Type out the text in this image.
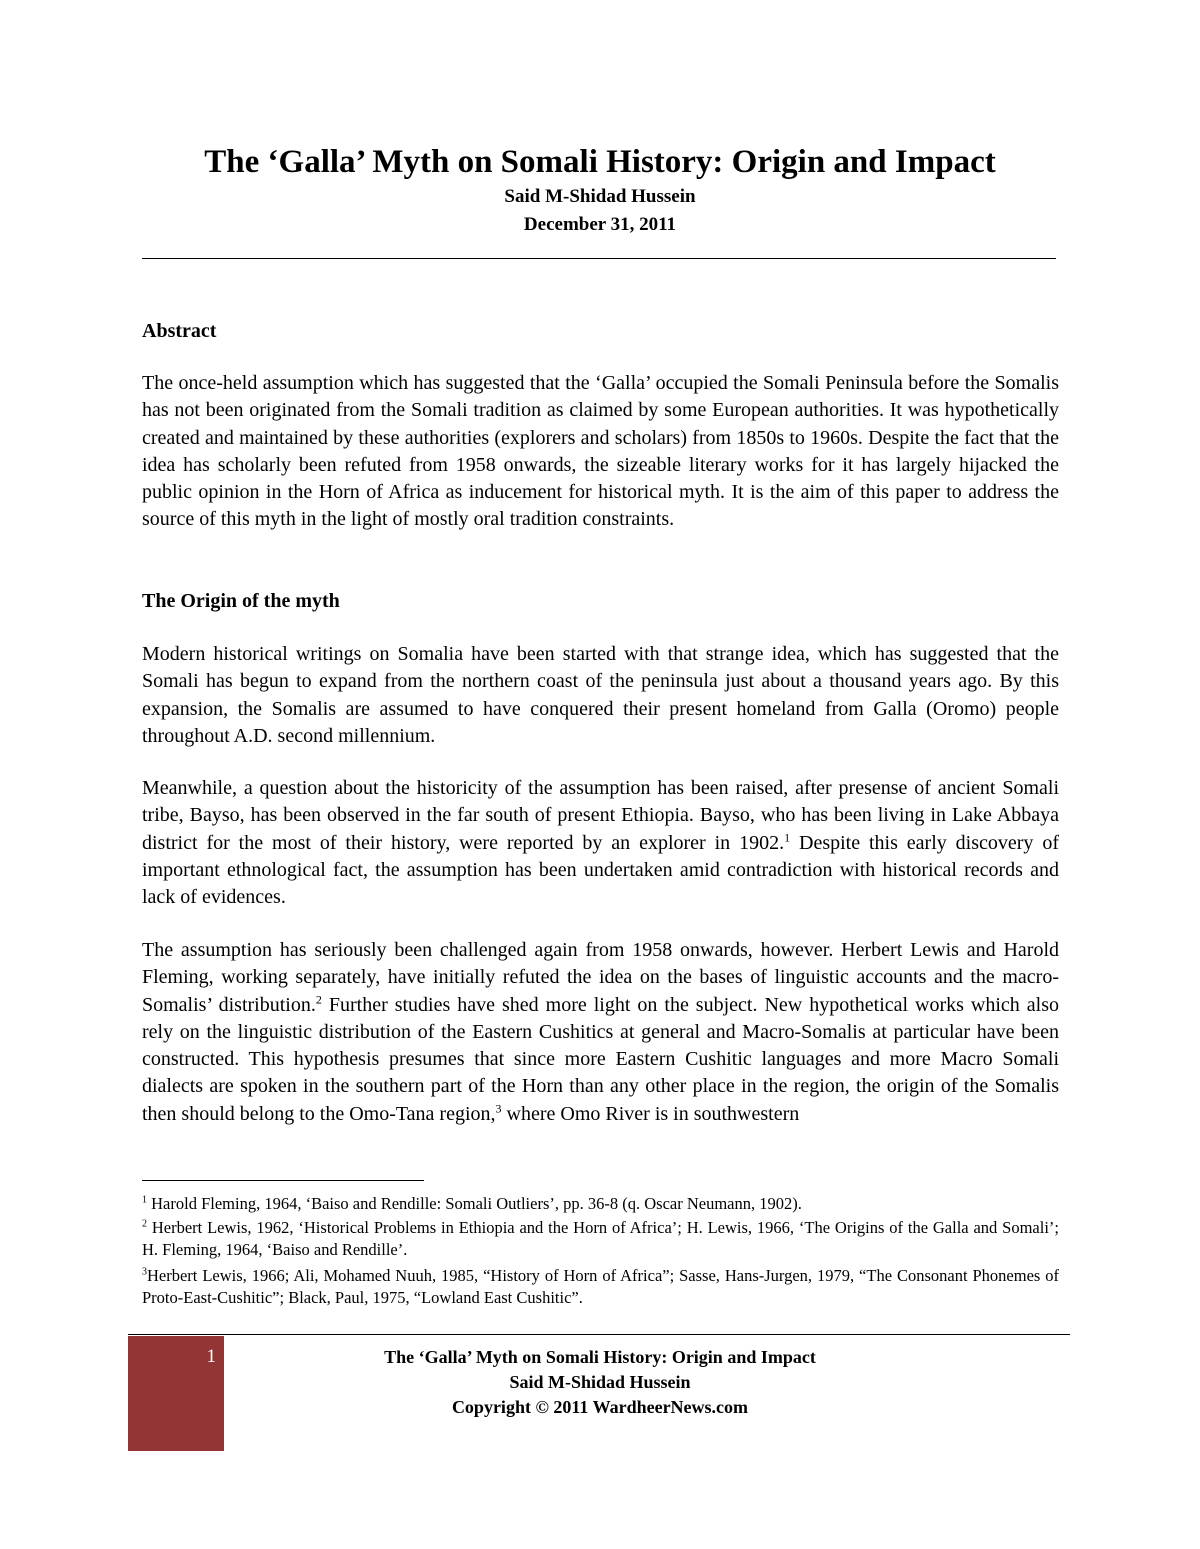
The ‘Galla’ Myth on Somali History: Origin and Impact

Said M-Shidad Hussein

December 31, 2011

Abstract

The once-held assumption which has suggested that the ‘Galla’ occupied the Somali Peninsula before the Somalis has not been originated from the Somali tradition as claimed by some European authorities. It was hypothetically created and maintained by these authorities (explorers and scholars) from 1850s to 1960s. Despite the fact that the idea has scholarly been refuted from 1958 onwards, the sizeable literary works for it has largely hijacked the public opinion in the Horn of Africa as inducement for historical myth. It is the aim of this paper to address the source of this myth in the light of mostly oral tradition constraints.

The Origin of the myth

Modern historical writings on Somalia have been started with that strange idea, which has suggested that the Somali has begun to expand from the northern coast of the peninsula just about a thousand years ago. By this expansion, the Somalis are assumed to have conquered their present homeland from Galla (Oromo) people throughout A.D. second millennium.

Meanwhile, a question about the historicity of the assumption has been raised, after presense of ancient Somali tribe, Bayso, has been observed in the far south of present Ethiopia. Bayso, who has been living in Lake Abbaya district for the most of their history, were reported by an explorer in 1902.$^1$ Despite this early discovery of important ethnological fact, the assumption has been undertaken amid contradiction with historical records and lack of evidences.

The assumption has seriously been challenged again from 1958 onwards, however. Herbert Lewis and Harold Fleming, working separately, have initially refuted the idea on the bases of linguistic accounts and the macro-Somalis’ distribution.$^2$ Further studies have shed more light on the subject. New hypothetical works which also rely on the linguistic distribution of the Eastern Cushitics at general and Macro-Somalis at particular have been constructed. This hypothesis presumes that since more Eastern Cushitic languages and more Macro Somali dialects are spoken in the southern part of the Horn than any other place in the region, the origin of the Somalis then should belong to the Omo-Tana region,$^3$ where Omo River is in southwestern

$^1$ Harold Fleming, 1964, ‘Baiso and Rendille: Somali Outliers’, pp. 36-8 (q. Oscar Neumann, 1902).

$^2$ Herbert Lewis, 1962, ‘Historical Problems in Ethiopia and the Horn of Africa’; H. Lewis, 1966, ‘The Origins of the Galla and Somali’; H. Fleming, 1964, ‘Baiso and Rendille’.

$^3$Herbert Lewis, 1966; Ali, Mohamed Nuuh, 1985, “History of Horn of Africa”; Sasse, Hans-Jurgen, 1979, “The Consonant Phonemes of Proto-East-Cushitic”; Black, Paul, 1975, “Lowland East Cushitic”.

1	The ‘Galla’ Myth on Somali History: Origin and Impact

Said M-Shidad Hussein

Copyright © 2011 WardheerNews.com
